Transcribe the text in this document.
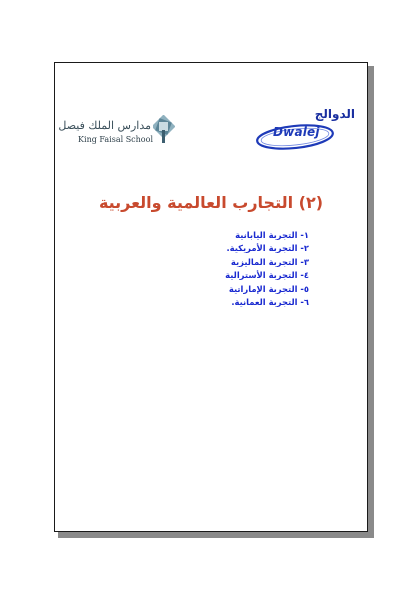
مدارس الملك فيصل
King Faisal School
Dwalej
الدوالج
(٢) التجارب العالمية والعربية
١- التجربة اليابانية
٢- التجربة الأمريكية.
٣- التجربة الماليزية
٤- التجربة الأسترالية
٥- التجربة الإماراتية
٦- التجربة العمانية.
